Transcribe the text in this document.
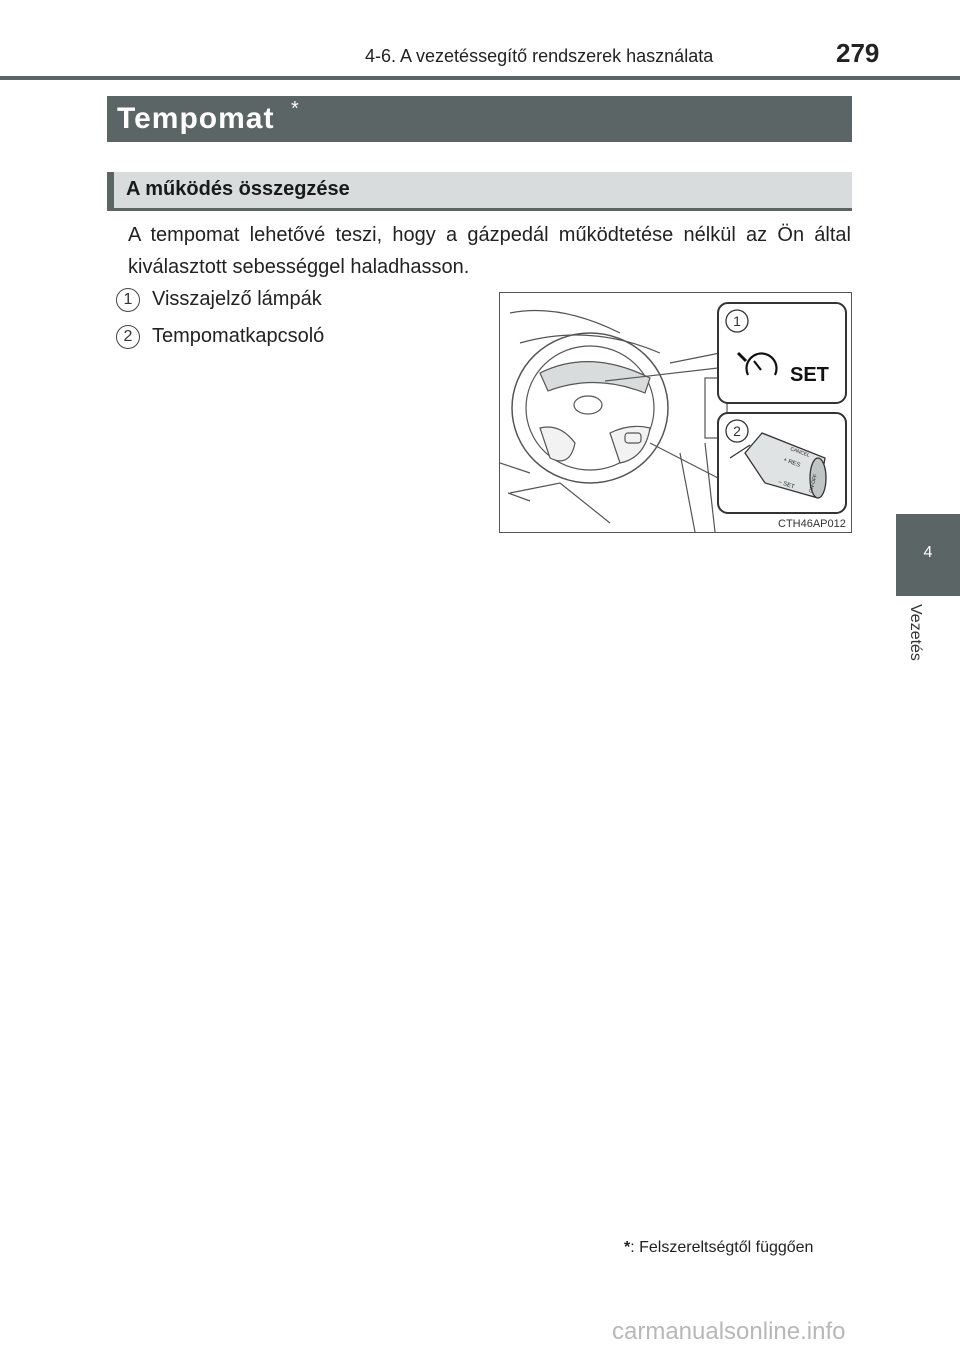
4-6. A vezetéssegítő rendszerek használata	279
Tempomat *
A működés összegzése
A tempomat lehetővé teszi, hogy a gázpedál működtetése nélkül az Ön által kiválasztott sebességgel haladhasson.
1 Visszajelző lámpák
2 Tempomatkapcsoló
1
SET
2
+ RES
– SET
CANCEL
ON-OFF
CTH46AP012
4
Vezetés
*: Felszereltségtől függően
carmanualsonline.info
